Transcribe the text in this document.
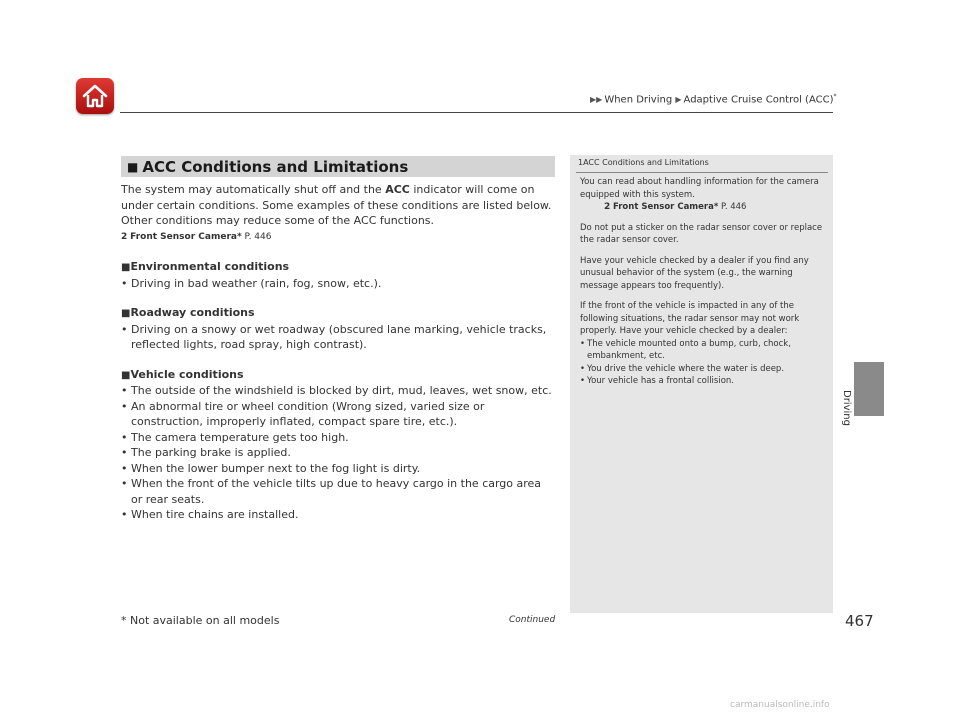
▶▶ When Driving ▶ Adaptive Cruise Control (ACC)*
Driving
■ ACC Conditions and Limitations

The system may automatically shut off and the ACC indicator will come on under certain conditions. Some examples of these conditions are listed below. Other conditions may reduce some of the ACC functions.

2 Front Sensor Camera* P. 446
■Environmental conditions
• Driving in bad weather (rain, fog, snow, etc.).
■Roadway conditions
• Driving on a snowy or wet roadway (obscured lane marking, vehicle tracks, reflected lights, road spray, high contrast).
■Vehicle conditions
• The outside of the windshield is blocked by dirt, mud, leaves, wet snow, etc.
• An abnormal tire or wheel condition (Wrong sized, varied size or construction, improperly inflated, compact spare tire, etc.).
• The camera temperature gets too high.
• The parking brake is applied.
• When the lower bumper next to the fog light is dirty.
• When the front of the vehicle tilts up due to heavy cargo in the cargo area or rear seats.
• When tire chains are installed.
1ACC Conditions and Limitations

You can read about handling information for the camera equipped with this system.

2 Front Sensor Camera* P. 446

Do not put a sticker on the radar sensor cover or replace the radar sensor cover.

Have your vehicle checked by a dealer if you find any unusual behavior of the system (e.g., the warning message appears too frequently).

If the front of the vehicle is impacted in any of the following situations, the radar sensor may not work properly. Have your vehicle checked by a dealer:

• The vehicle mounted onto a bump, curb, chock, embankment, etc.
• You drive the vehicle where the water is deep.
• Your vehicle has a frontal collision.
* Not available on all models	Continued	467
carmanualsonline.info
